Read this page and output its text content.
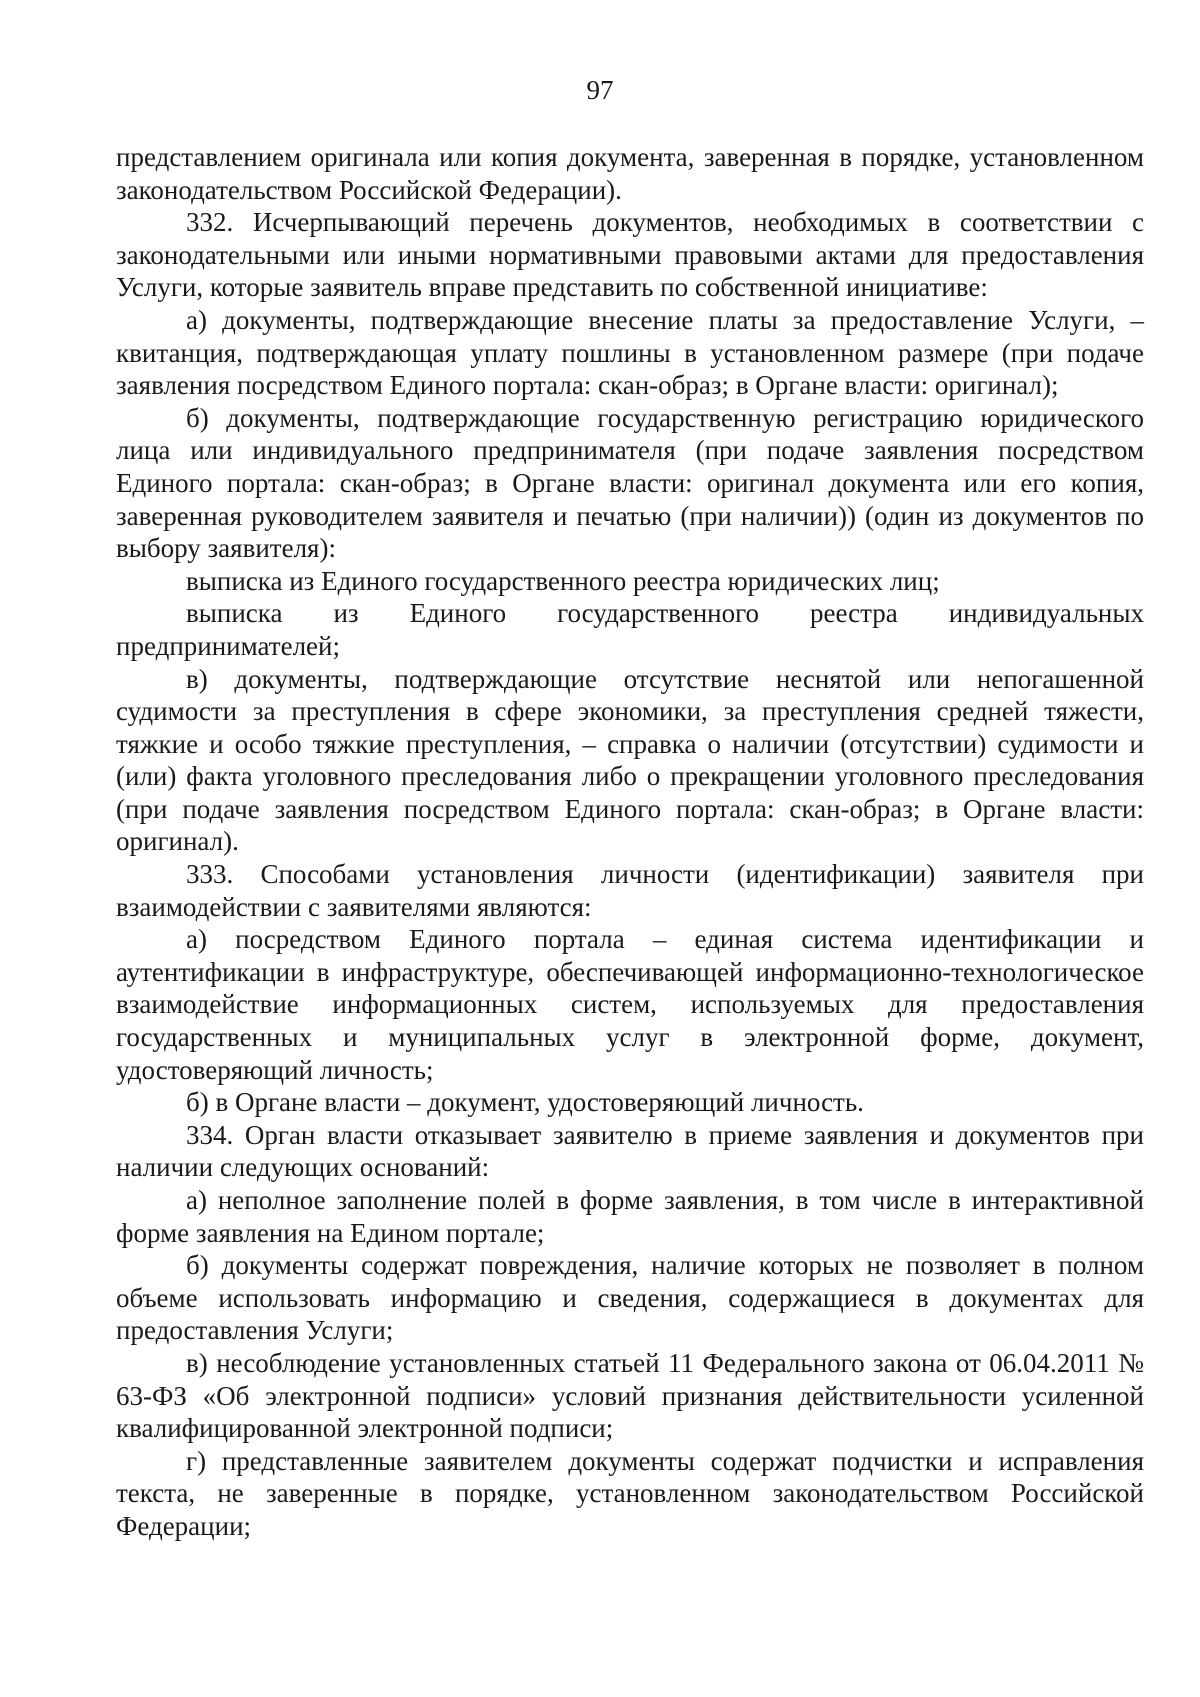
97

представлением оригинала или копия документа, заверенная в порядке, установленном законодательством Российской Федерации).

332. Исчерпывающий перечень документов, необходимых в соответствии с законодательными или иными нормативными правовыми актами для предоставления Услуги, которые заявитель вправе представить по собственной инициативе:

а) документы, подтверждающие внесение платы за предоставление Услуги, – квитанция, подтверждающая уплату пошлины в установленном размере (при подаче заявления посредством Единого портала: скан-образ; в Органе власти: оригинал);

б) документы, подтверждающие государственную регистрацию юридического лица или индивидуального предпринимателя (при подаче заявления посредством Единого портала: скан-образ; в Органе власти: оригинал документа или его копия, заверенная руководителем заявителя и печатью (при наличии)) (один из документов по выбору заявителя):

выписка из Единого государственного реестра юридических лиц;

выписка из Единого государственного реестра индивидуальных предпринимателей;

в) документы, подтверждающие отсутствие неснятой или непогашенной судимости за преступления в сфере экономики, за преступления средней тяжести, тяжкие и особо тяжкие преступления, – справка о наличии (отсутствии) судимости и (или) факта уголовного преследования либо о прекращении уголовного преследования (при подаче заявления посредством Единого портала: скан-образ; в Органе власти: оригинал).

333. Способами установления личности (идентификации) заявителя при взаимодействии с заявителями являются:

а) посредством Единого портала – единая система идентификации и аутентификации в инфраструктуре, обеспечивающей информационно-технологическое взаимодействие информационных систем, используемых для предоставления государственных и муниципальных услуг в электронной форме, документ, удостоверяющий личность;

б) в Органе власти – документ, удостоверяющий личность.

334. Орган власти отказывает заявителю в приеме заявления и документов при наличии следующих оснований:

а) неполное заполнение полей в форме заявления, в том числе в интерактивной форме заявления на Едином портале;

б) документы содержат повреждения, наличие которых не позволяет в полном объеме использовать информацию и сведения, содержащиеся в документах для предоставления Услуги;

в) несоблюдение установленных статьей 11 Федерального закона от 06.04.2011 № 63-ФЗ «Об электронной подписи» условий признания действительности усиленной квалифицированной электронной подписи;

г) представленные заявителем документы содержат подчистки и исправления текста, не заверенные в порядке, установленном законодательством Российской Федерации;
